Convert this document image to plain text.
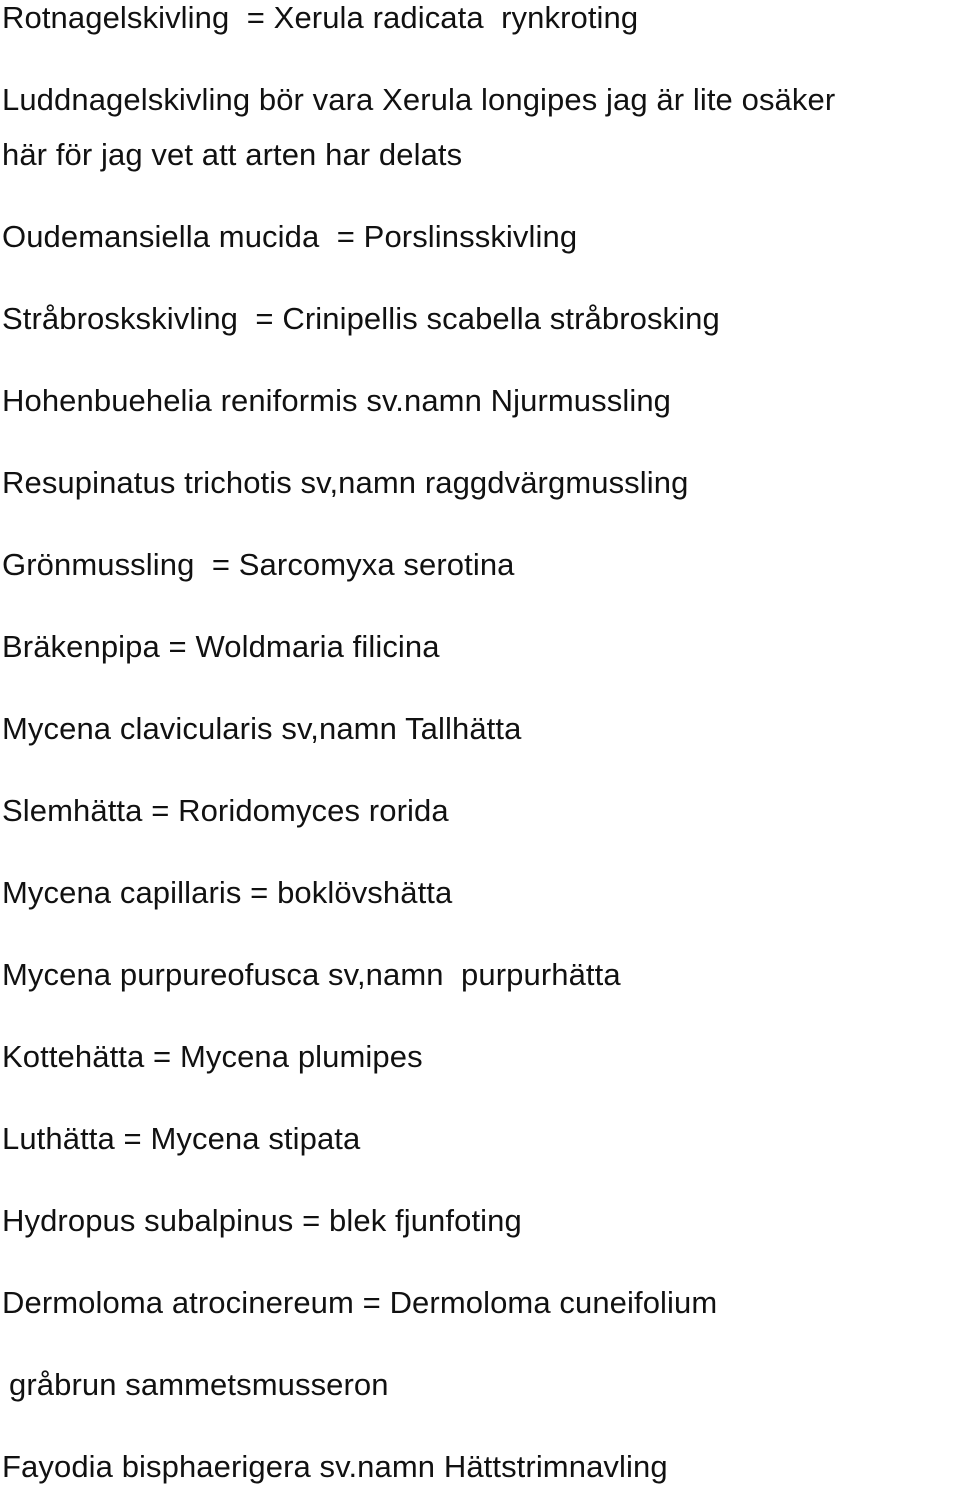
Rotnagelskivling  = Xerula radicata  rynkroting
Luddnagelskivling bör vara Xerula longipes jag är lite osäker
här för jag vet att arten har delats
Oudemansiella mucida  = Porslinsskivling
Stråbroskskivling  = Crinipellis scabella stråbrosking
Hohenbuehelia reniformis sv.namn Njurmussling
Resupinatus trichotis sv,namn raggdvärgmussling
Grönmussling  = Sarcomyxa serotina
Bräkenpipa = Woldmaria filicina
Mycena clavicularis sv,namn Tallhätta
Slemhätta = Roridomyces rorida
Mycena capillaris = boklövshätta
Mycena purpureofusca sv,namn  purpurhätta
Kottehätta = Mycena plumipes
Luthätta = Mycena stipata
Hydropus subalpinus = blek fjunfoting
Dermoloma atrocinereum = Dermoloma cuneifolium
gråbrun sammetsmusseron
Fayodia bisphaerigera sv.namn Hättstrimnavling
